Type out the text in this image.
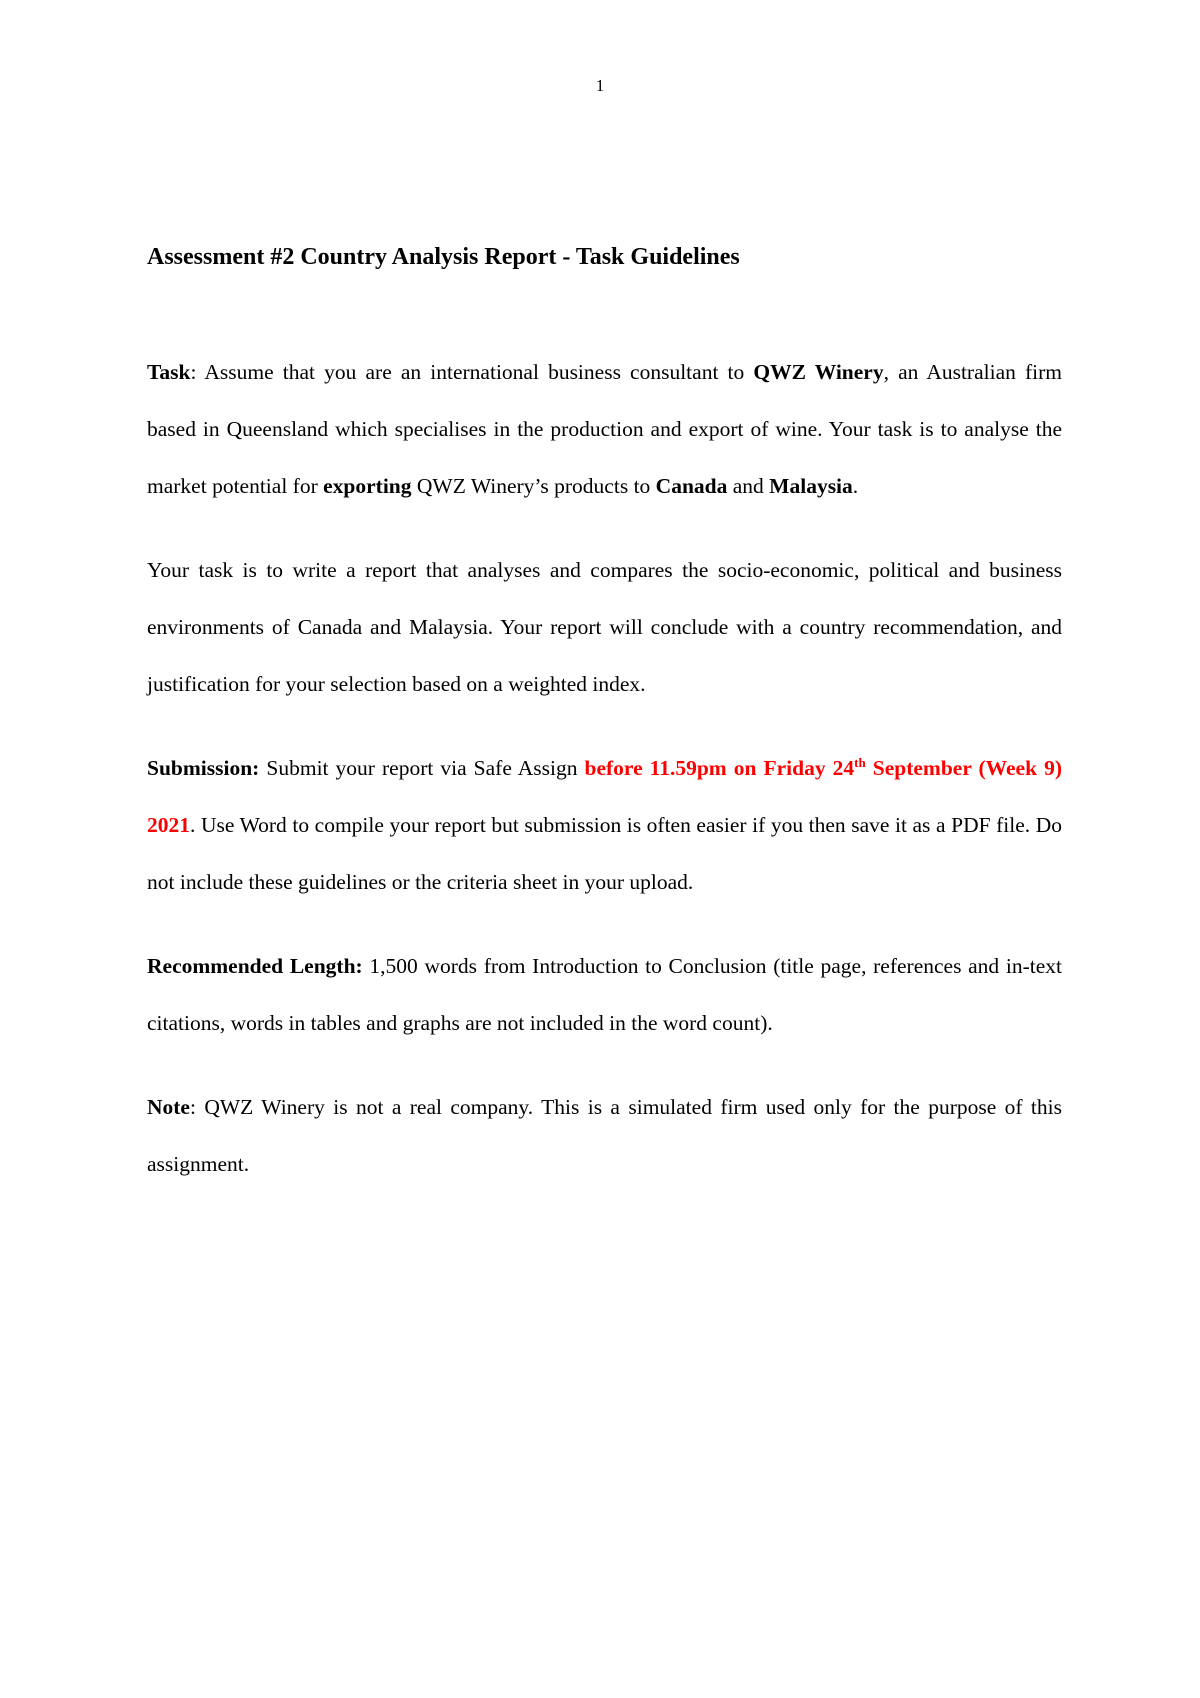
1
Assessment #2 Country Analysis Report - Task Guidelines

Task: Assume that you are an international business consultant to QWZ Winery, an Australian firm based in Queensland which specialises in the production and export of wine. Your task is to analyse the market potential for exporting QWZ Winery’s products to Canada and Malaysia.

Your task is to write a report that analyses and compares the socio-economic, political and business environments of Canada and Malaysia. Your report will conclude with a country recommendation, and justification for your selection based on a weighted index.

Submission: Submit your report via Safe Assign before 11.59pm on Friday 24th September (Week 9) 2021. Use Word to compile your report but submission is often easier if you then save it as a PDF file. Do not include these guidelines or the criteria sheet in your upload.

Recommended Length: 1,500 words from Introduction to Conclusion (title page, references and in-text citations, words in tables and graphs are not included in the word count).

Note: QWZ Winery is not a real company. This is a simulated firm used only for the purpose of this assignment.
